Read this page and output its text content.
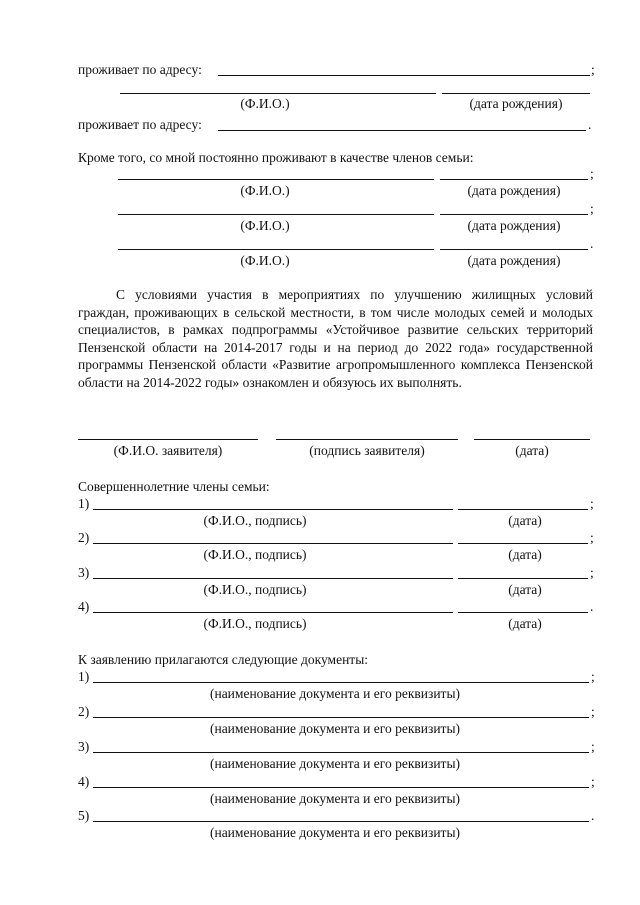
проживает по адресу:	;
(Ф.И.О.)	(дата рождения)
проживает по адресу:	.
Кроме того, со мной постоянно проживают в качестве членов семьи:
;
(Ф.И.О.)	(дата рождения)
;
(Ф.И.О.)	(дата рождения)
.
(Ф.И.О.)	(дата рождения)
С условиями участия в мероприятиях по улучшению жилищных условий граждан, проживающих в сельской местности, в том числе молодых семей и молодых специалистов, в рамках подпрограммы «Устойчивое развитие сельских территорий Пензенской области на 2014-2017 годы и на период до 2022 года» государственной программы Пензенской области «Развитие агропромышленного комплекса Пензенской области на 2014-2022 годы» ознакомлен и обязуюсь их выполнять.
(Ф.И.О. заявителя)	(подпись заявителя)	(дата)
Совершеннолетние члены семьи:
1)	;
(Ф.И.О., подпись)	(дата)
2)	;
(Ф.И.О., подпись)	(дата)
3)	;
(Ф.И.О., подпись)	(дата)
4)	.
(Ф.И.О., подпись)	(дата)
К заявлению прилагаются следующие документы:
1)	;
(наименование документа и его реквизиты)
2)	;
(наименование документа и его реквизиты)
3)	;
(наименование документа и его реквизиты)
4)	;
(наименование документа и его реквизиты)
5)	.
(наименование документа и его реквизиты)
